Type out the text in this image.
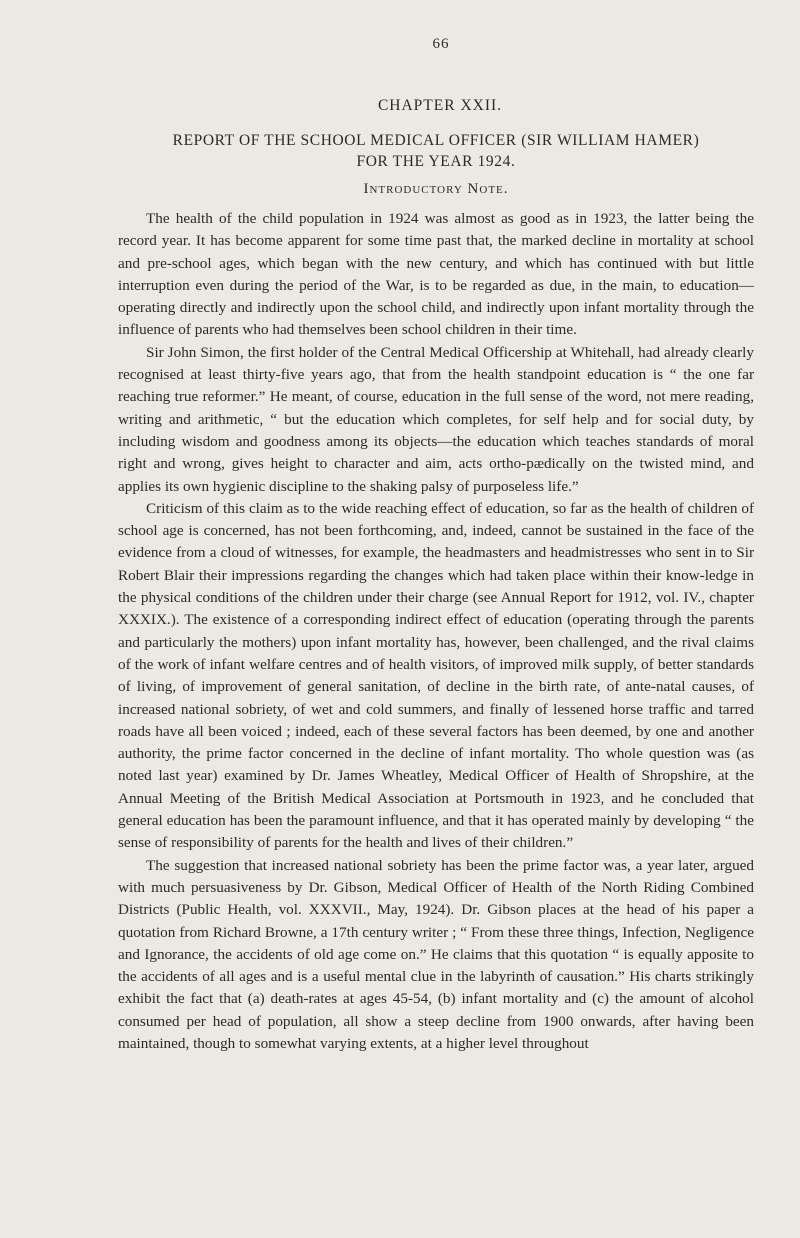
66
CHAPTER XXII.
REPORT OF THE SCHOOL MEDICAL OFFICER (SIR WILLIAM HAMER)
FOR THE YEAR 1924.
Introductory Note.

The health of the child population in 1924 was almost as good as in 1923, the latter being the record year. It has become apparent for some time past that, the marked decline in mortality at school and pre-school ages, which began with the new century, and which has continued with but little interruption even during the period of the War, is to be regarded as due, in the main, to education—operating directly and indirectly upon the school child, and indirectly upon infant mortality through the influence of parents who had themselves been school children in their time.

Sir John Simon, the first holder of the Central Medical Officership at Whitehall, had already clearly recognised at least thirty-five years ago, that from the health standpoint education is “ the one far reaching true reformer.” He meant, of course, education in the full sense of the word, not mere reading, writing and arithmetic, “ but the education which completes, for self help and for social duty, by including wisdom and goodness among its objects—the education which teaches standards of moral right and wrong, gives height to character and aim, acts ortho-pædically on the twisted mind, and applies its own hygienic discipline to the shaking palsy of purposeless life.”

Criticism of this claim as to the wide reaching effect of education, so far as the health of children of school age is concerned, has not been forthcoming, and, indeed, cannot be sustained in the face of the evidence from a cloud of witnesses, for example, the headmasters and headmistresses who sent in to Sir Robert Blair their impressions regarding the changes which had taken place within their know-ledge in the physical conditions of the children under their charge (see Annual Report for 1912, vol. IV., chapter XXXIX.). The existence of a corresponding indirect effect of education (operating through the parents and particularly the mothers) upon infant mortality has, however, been challenged, and the rival claims of the work of infant welfare centres and of health visitors, of improved milk supply, of better standards of living, of improvement of general sanitation, of decline in the birth rate, of ante-natal causes, of increased national sobriety, of wet and cold summers, and finally of lessened horse traffic and tarred roads have all been voiced ; indeed, each of these several factors has been deemed, by one and another authority, the prime factor concerned in the decline of infant mortality. Tho whole question was (as noted last year) examined by Dr. James Wheatley, Medical Officer of Health of Shropshire, at the Annual Meeting of the British Medical Association at Portsmouth in 1923, and he concluded that general education has been the paramount influence, and that it has operated mainly by developing “ the sense of responsibility of parents for the health and lives of their children.”

The suggestion that increased national sobriety has been the prime factor was, a year later, argued with much persuasiveness by Dr. Gibson, Medical Officer of Health of the North Riding Combined Districts (Public Health, vol. XXXVII., May, 1924). Dr. Gibson places at the head of his paper a quotation from Richard Browne, a 17th century writer ; “ From these three things, Infection, Negligence and Ignorance, the accidents of old age come on.” He claims that this quotation “ is equally apposite to the accidents of all ages and is a useful mental clue in the labyrinth of causation.” His charts strikingly exhibit the fact that (a) death-rates at ages 45-54, (b) infant mortality and (c) the amount of alcohol consumed per head of population, all show a steep decline from 1900 onwards, after having been maintained, though to somewhat varying extents, at a higher level throughout
